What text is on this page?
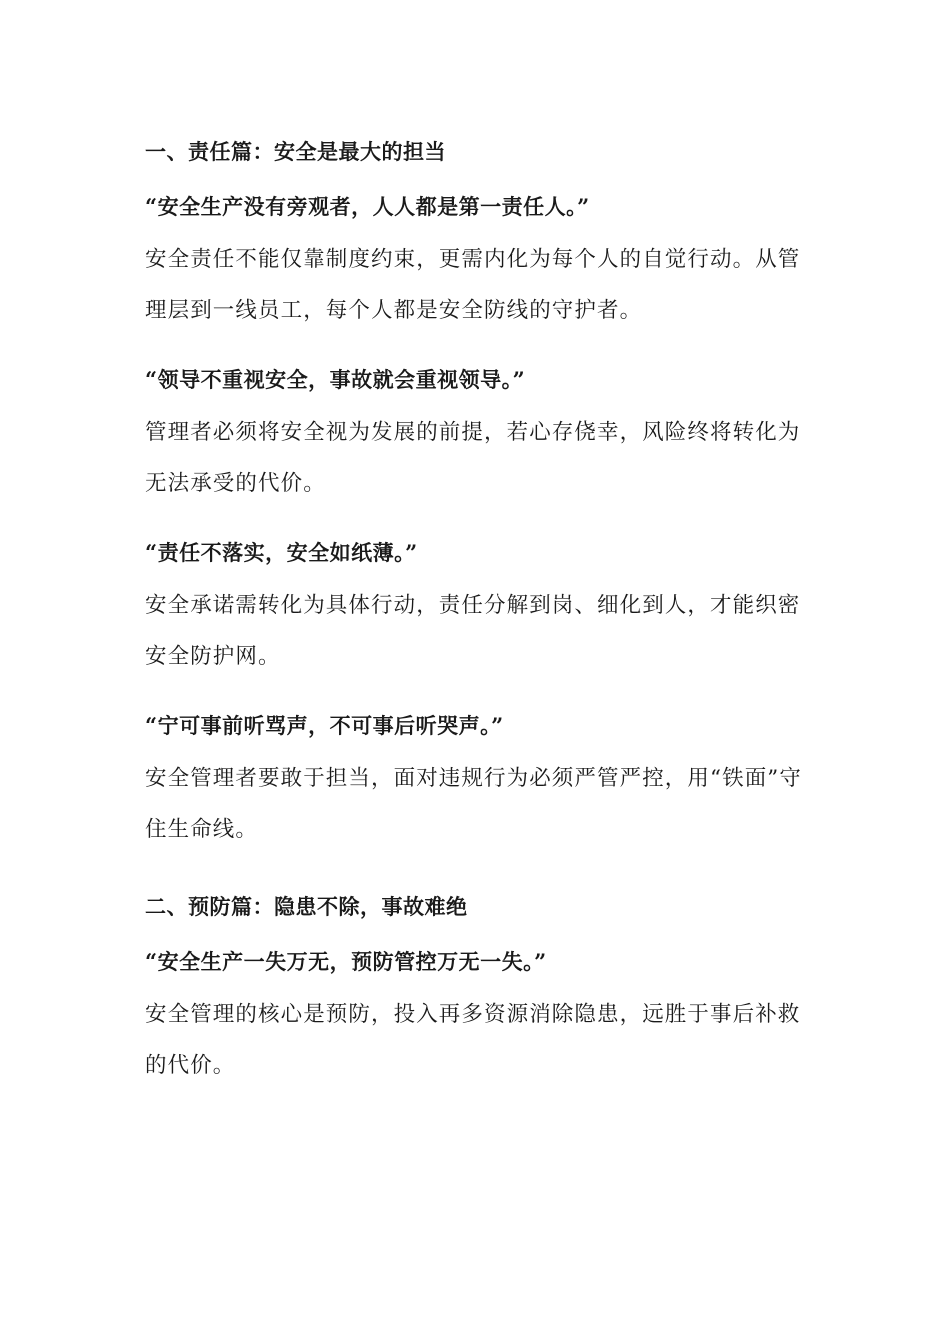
一、责任篇：安全是最大的担当
“安全生产没有旁观者，人人都是第一责任人。”

安全责任不能仅靠制度约束，更需内化为每个人的自觉行动。从管理层到一线员工，每个人都是安全防线的守护者。

“领导不重视安全，事故就会重视领导。”

管理者必须将安全视为发展的前提，若心存侥幸，风险终将转化为无法承受的代价。

“责任不落实，安全如纸薄。”

安全承诺需转化为具体行动，责任分解到岗、细化到人，才能织密安全防护网。

“宁可事前听骂声，不可事后听哭声。”

安全管理者要敢于担当，面对违规行为必须严管严控，用“铁面”守住生命线。

二、预防篇：隐患不除，事故难绝
“安全生产一失万无，预防管控万无一失。”

安全管理的核心是预防，投入再多资源消除隐患，远胜于事后补救的代价。
